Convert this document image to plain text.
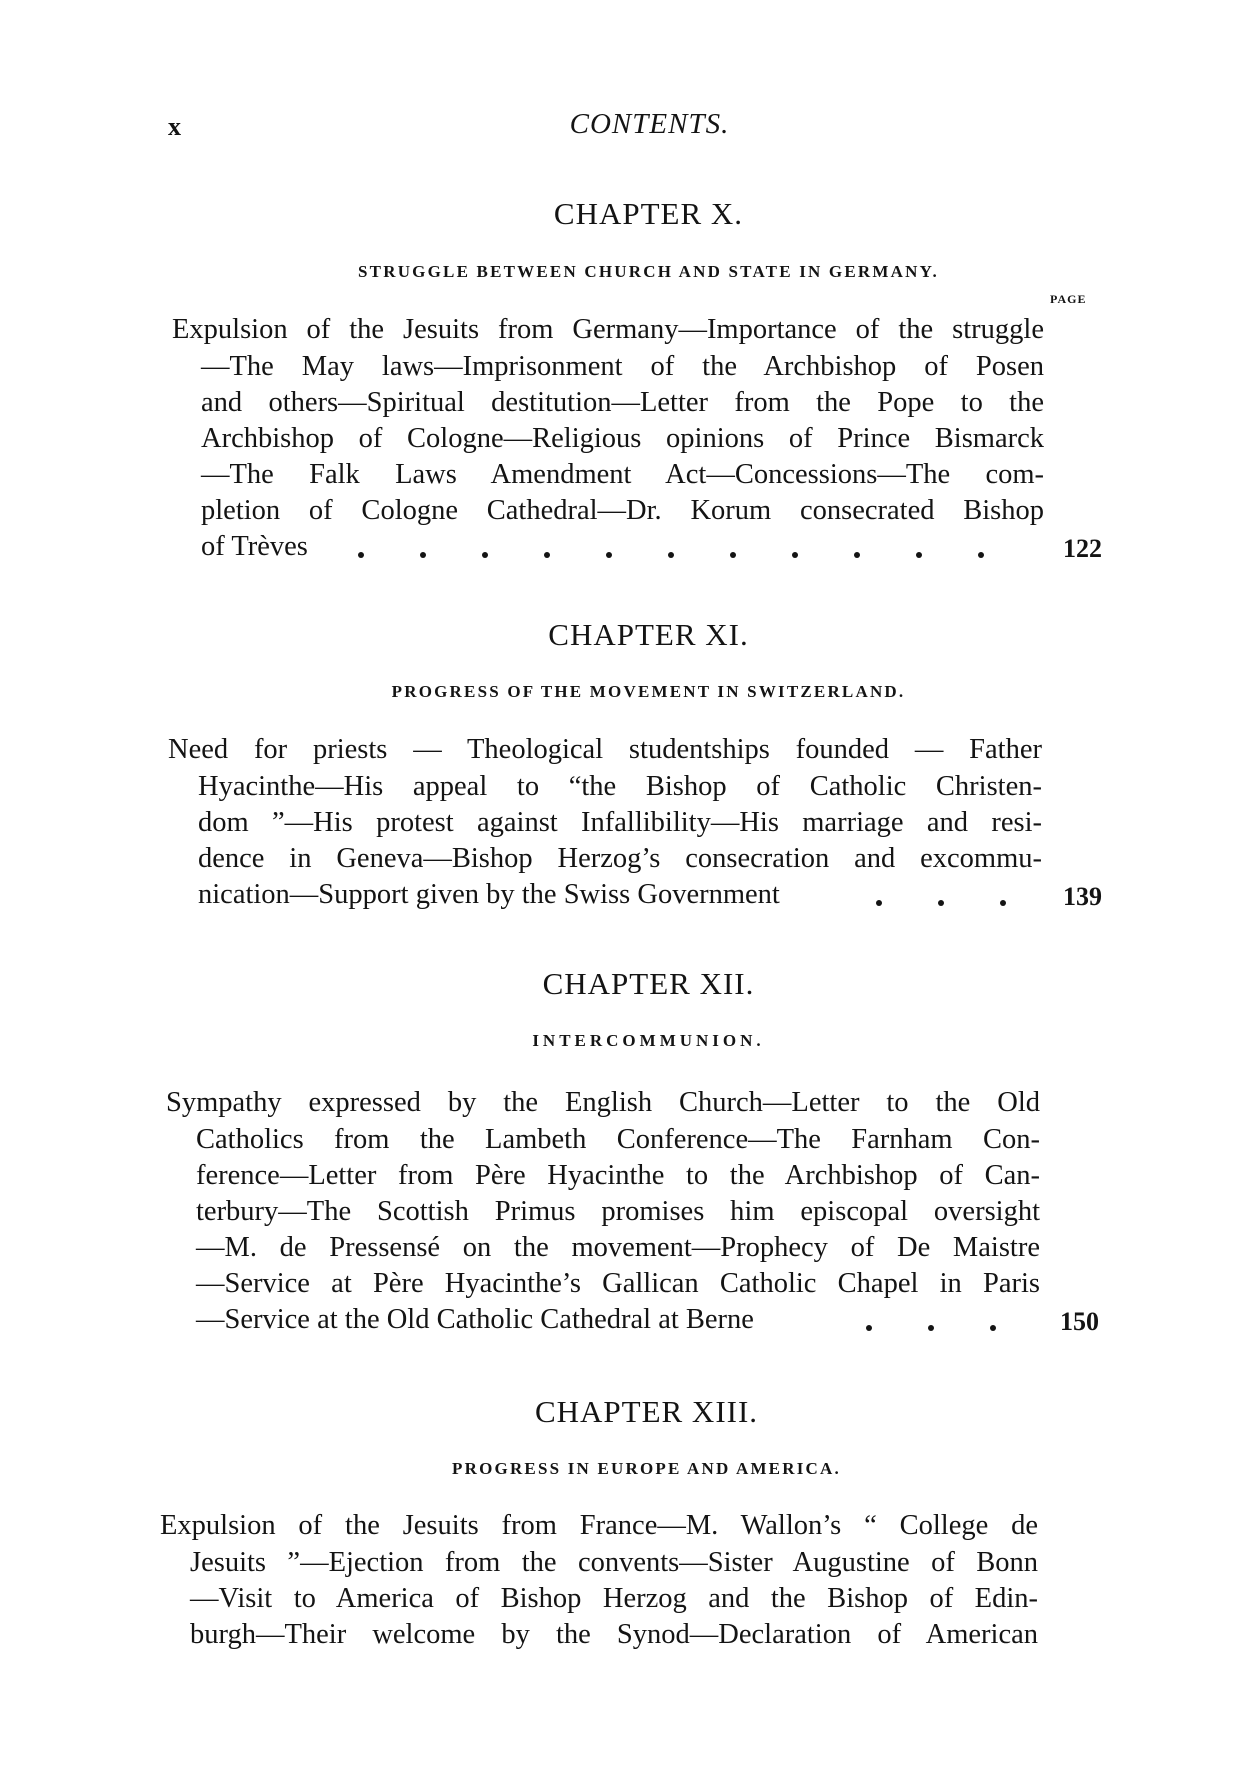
x	CONTENTS.
CHAPTER X.
STRUGGLE BETWEEN CHURCH AND STATE IN GERMANY.
PAGE
Expulsion of the Jesuits from Germany—Importance of the struggle
—The May laws—Imprisonment of the Archbishop of Posen
and others—Spiritual destitution—Letter from the Pope to the
Archbishop of Cologne—Religious opinions of Prince Bismarck
—The Falk Laws Amendment Act—Concessions—The com-
pletion of Cologne Cathedral—Dr. Korum consecrated Bishop
of Trèves	122
CHAPTER XI.
PROGRESS OF THE MOVEMENT IN SWITZERLAND.
Need for priests — Theological studentships founded — Father
Hyacinthe—His appeal to “the Bishop of Catholic Christen-
dom ”—His protest against Infallibility—His marriage and resi-
dence in Geneva—Bishop Herzog’s consecration and excommu-
nication—Support given by the Swiss Government	139
CHAPTER XII.
INTERCOMMUNION.
Sympathy expressed by the English Church—Letter to the Old
Catholics from the Lambeth Conference—The Farnham Con-
ference—Letter from Père Hyacinthe to the Archbishop of Can-
terbury—The Scottish Primus promises him episcopal oversight
—M. de Pressensé on the movement—Prophecy of De Maistre
—Service at Père Hyacinthe’s Gallican Catholic Chapel in Paris
—Service at the Old Catholic Cathedral at Berne	150
CHAPTER XIII.
PROGRESS IN EUROPE AND AMERICA.
Expulsion of the Jesuits from France—M. Wallon’s “ College de
Jesuits ”—Ejection from the convents—Sister Augustine of Bonn
—Visit to America of Bishop Herzog and the Bishop of Edin-
burgh—Their welcome by the Synod—Declaration of American
